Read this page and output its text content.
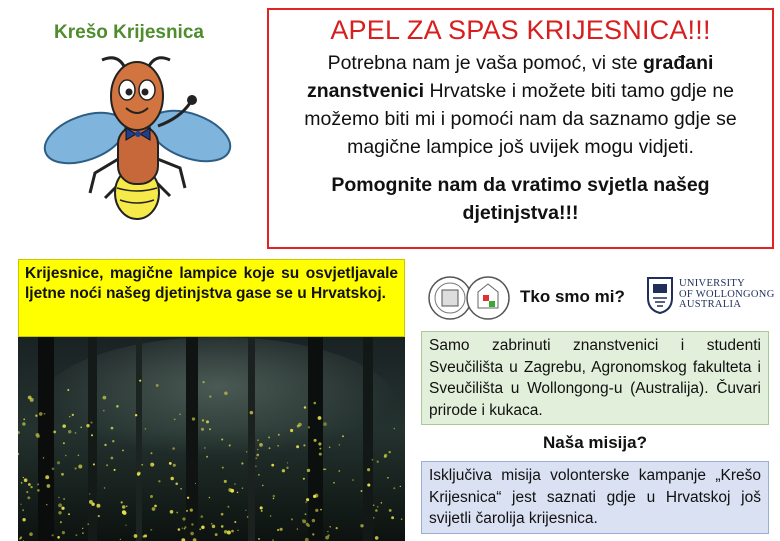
Krešo Krijesnica	APEL ZA SPAS KRIJESNICA!!!
Potrebna nam je vaša pomoć, vi ste građani znanstvenici Hrvatske i možete biti tamo gdje ne možemo biti mi i pomoći nam da saznamo gdje se magične lampice još uvijek mogu vidjeti.
Pomognite nam da vratimo svjetla našeg djetinjstva!!!
Krijesnice, magične lampice koje su osvjetljavale ljetne noći našeg djetinjstva gase se u Hrvatskoj.	Tko smo mi?
UNIVERSITY
OF WOLLONGONG
AUSTRALIA
Samo zabrinuti znanstvenici i studenti Sveučilišta u Zagrebu, Agronomskog fakulteta i Sveučilišta u Wollongong-u (Australija). Čuvari prirode i kukaca.
Naša misija?
Isključiva misija volonterske kampanje „Krešo Krijesnica“ jest saznati gdje u Hrvatskoj još svijetli čarolija krijesnica.
